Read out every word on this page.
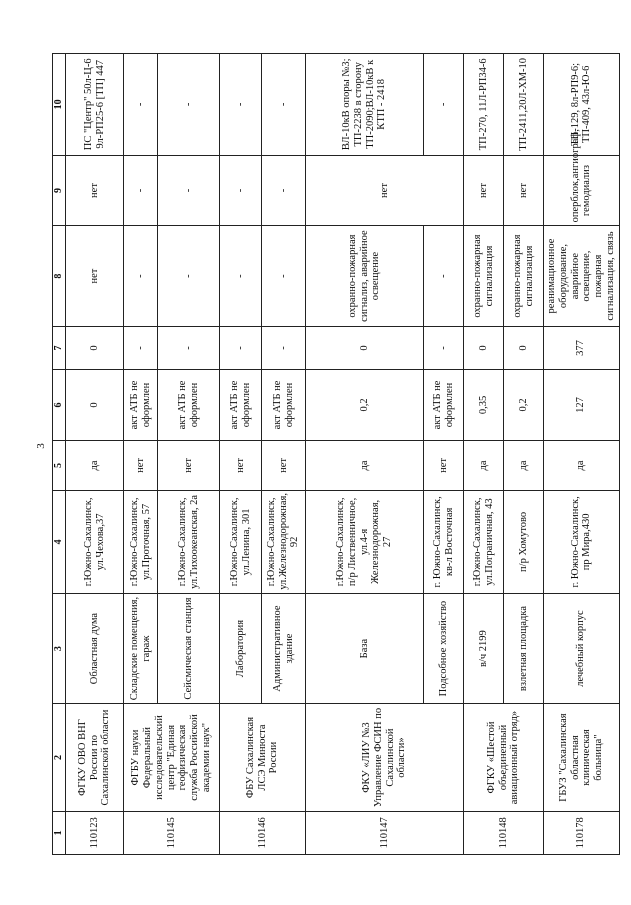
3
1	2	3	4	5	6	7	8	9	10
110123	ФГКУ ОВО ВНГ России по Сахалинской области	Областная дума	г.Южно-Сахалинск, ул.Чехова,37	да	0	0	нет	нет	ПС "Центр" 50л-Ц-6 9л-РП25-6 [ТП] 447
110145	ФГБУ науки Федеральный исследовательский центр "Единая геофизическая служба Российской академии наук"	Складские помещения, гараж	г.Южно-Сахалинск, ул.Проточная, 57	нет	акт АТБ не оформлен	-	-	-	-
		Сейсмическая станция	г.Южно-Сахалинск, ул.Тихоокеанская, 2а	нет	акт АТБ не оформлен	-	-	-	-
110146	ФБУ Сахалинская ЛСЭ Минюста России	Лаборатория	г.Южно-Сахалинск, ул.Ленина, 301	нет	акт АТБ не оформлен	-	-	-	-
		Административное здание	г.Южно-Сахалинск, ул.Железнодорожная, 92	нет	акт АТБ не оформлен	-	-	-	-
110147	ФКУ «ЛИУ №3 Управление ФСИН по Сахалинской области»	База	г.Южно-Сахалинск, п/р Лиственничное, ул.4-я Железнодорожная, 27	да	0,2	0	охранно-пожарная сигнализ, аварийное освещение	нет	ВЛ-10кВ опоры №3; ТП-2238 в сторону ТП-2090;ВЛ-10кВ к КТП - 2418
		Подсобное хозяйство	г. Южно-Сахалинск, кв-л Восточная	нет	акт АТБ не оформлен	-	-		-
110148	ФГКУ «Шестой объединенный авиационный отряд»	в/ч 2199	г.Южно-Сахалинск, ул.Пограничная, 43	да	0,35	0	охранно-пожарная сигнализация	нет	ТП-270, 11Л-РП34-6
		взлетная площадка	п/р Хомутово	да	0,2	0	охранно-пожарная сигнализация	нет	ТП-2411,20Л-ХМ-10
110178	ГБУЗ "Сахалинская областная клиническая больница"	лечебный корпус	г. Южно-Сахалинск, пр Мира,430	да	127	377	реанимационное оборудование, аварийное освещение, пожарная сигнализация, связь	оперблок,ангиограф, гемодиализ	ТП-129, 8л-РП9-6; ТП-409, 43л-Ю-6
